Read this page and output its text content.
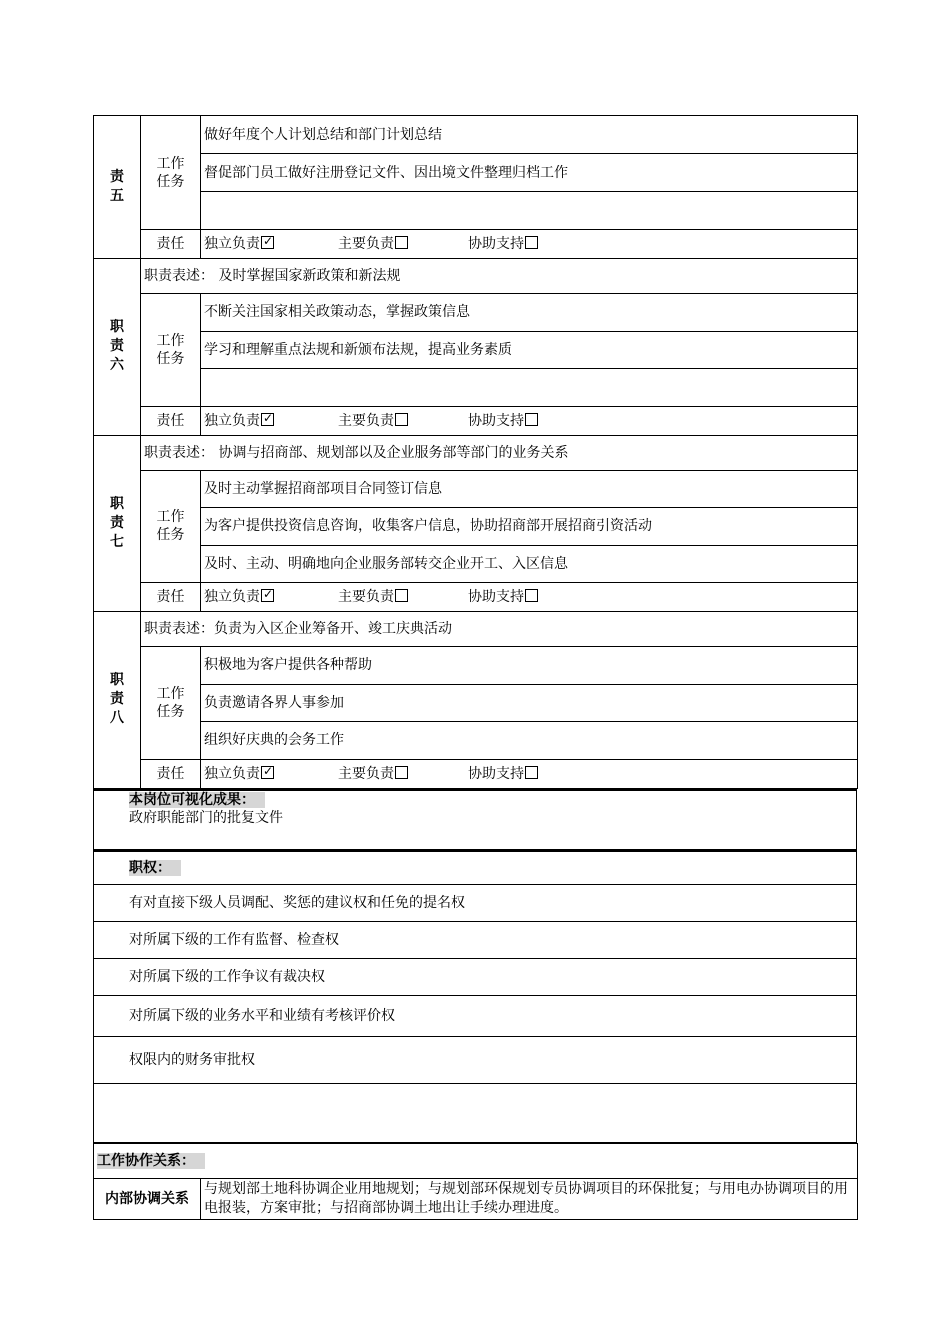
责
五	工作
任务	做好年度个人计划总结和部门计划总结
		督促部门员工做好注册登记文件、因出境文件整理归档工作

	责任	独立负责 ✓ 主要负责 协助支持
职
责
六	职责表述： 及时掌握国家新政策和新法规	
	工作
任务	不断关注国家相关政策动态，掌握政策信息
		学习和理解重点法规和新颁布法规，提高业务素质

	责任	独立负责 ✓ 主要负责 协助支持
职
责
七	职责表述： 协调与招商部、规划部以及企业服务部等部门的业务关系	
	工作
任务	及时主动掌握招商部项目合同签订信息
		为客户提供投资信息咨询，收集客户信息，协助招商部开展招商引资活动
		及时、主动、明确地向企业服务部转交企业开工、入区信息
	责任	独立负责 ✓ 主要负责 协助支持
职
责
八	职责表述：负责为入区企业筹备开、竣工庆典活动	
	工作
任务	积极地为客户提供各种帮助
		负责邀请各界人事参加
		组织好庆典的会务工作
	责任	独立负责 ✓ 主要负责 协助支持
本岗位可视化成果：
政府职能部门的批复文件
职权：
有对直接下级人员调配、奖惩的建议权和任免的提名权
对所属下级的工作有监督、检查权
对所属下级的工作争议有裁决权
对所属下级的业务水平和业绩有考核评价权
权限内的财务审批权

工作协作关系：
内部协调关系	与规划部土地科协调企业用地规划；与规划部环保规划专员协调项目的环保批复；与用电办协调项目的用电报装，方案审批；与招商部协调土地出让手续办理进度。
